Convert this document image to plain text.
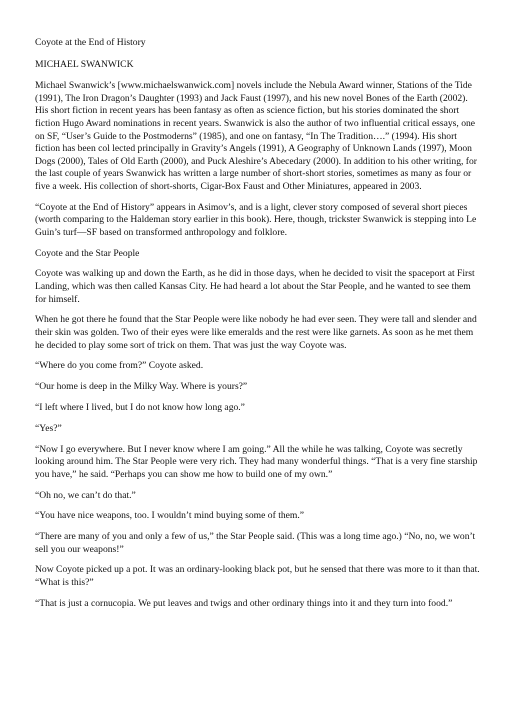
Coyote at the End of History

MICHAEL SWANWICK

Michael Swanwick’s [www.michaelswanwick.com] novels include the Nebula Award winner, Stations of the Tide (1991), The Iron Dragon’s Daughter (1993) and Jack Faust (1997), and his new novel Bones of the Earth (2002). His short fiction in recent years has been fantasy as often as science fiction, but his stories dominated the short fiction Hugo Award nominations in recent years. Swanwick is also the author of two influential critical essays, one on SF, “User’s Guide to the Postmoderns” (1985), and one on fantasy, “In The Tradition….” (1994). His short fiction has been col lected principally in Gravity’s Angels (1991), A Geography of Unknown Lands (1997), Moon Dogs (2000), Tales of Old Earth (2000), and Puck Aleshire’s Abecedary (2000). In addition to his other writing, for the last couple of years Swanwick has written a large number of short-short stories, sometimes as many as four or five a week. His collection of short-shorts, Cigar-Box Faust and Other Miniatures, appeared in 2003.

“Coyote at the End of History” appears in Asimov’s, and is a light, clever story composed of several short pieces (worth comparing to the Haldeman story earlier in this book). Here, though, trickster Swanwick is stepping into Le Guin’s turf—SF based on transformed anthropology and folklore.

Coyote and the Star People

Coyote was walking up and down the Earth, as he did in those days, when he decided to visit the spaceport at First Landing, which was then called Kansas City. He had heard a lot about the Star People, and he wanted to see them for himself.

When he got there he found that the Star People were like nobody he had ever seen. They were tall and slender and their skin was golden. Two of their eyes were like emeralds and the rest were like garnets. As soon as he met them he decided to play some sort of trick on them. That was just the way Coyote was.

“Where do you come from?” Coyote asked.

“Our home is deep in the Milky Way. Where is yours?”

“I left where I lived, but I do not know how long ago.”

“Yes?”

“Now I go everywhere. But I never know where I am going.” All the while he was talking, Coyote was secretly looking around him. The Star People were very rich. They had many wonderful things. “That is a very fine starship you have,” he said. “Perhaps you can show me how to build one of my own.”

“Oh no, we can’t do that.”

“You have nice weapons, too. I wouldn’t mind buying some of them.”

“There are many of you and only a few of us,” the Star People said. (This was a long time ago.) “No, no, we won’t sell you our weapons!”

Now Coyote picked up a pot. It was an ordinary-looking black pot, but he sensed that there was more to it than that. “What is this?”

“That is just a cornucopia. We put leaves and twigs and other ordinary things into it and they turn into food.”
